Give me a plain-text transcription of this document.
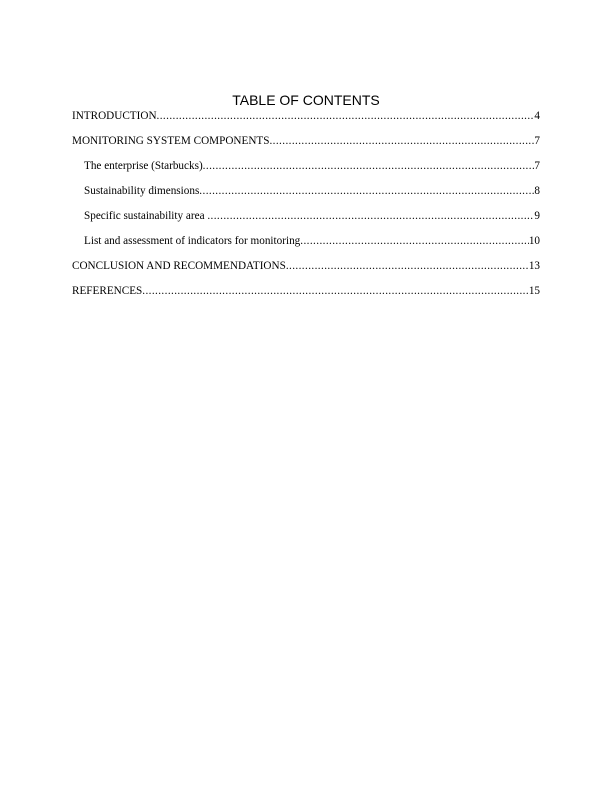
TABLE OF CONTENTS
INTRODUCTION .....	4
MONITORING SYSTEM COMPONENTS .....	7
The enterprise (Starbucks) .....	7
Sustainability dimensions .....	8
Specific sustainability area .....	9
List and assessment of indicators for monitoring .....	10
CONCLUSION AND RECOMMENDATIONS .....	13
REFERENCES .....	15
